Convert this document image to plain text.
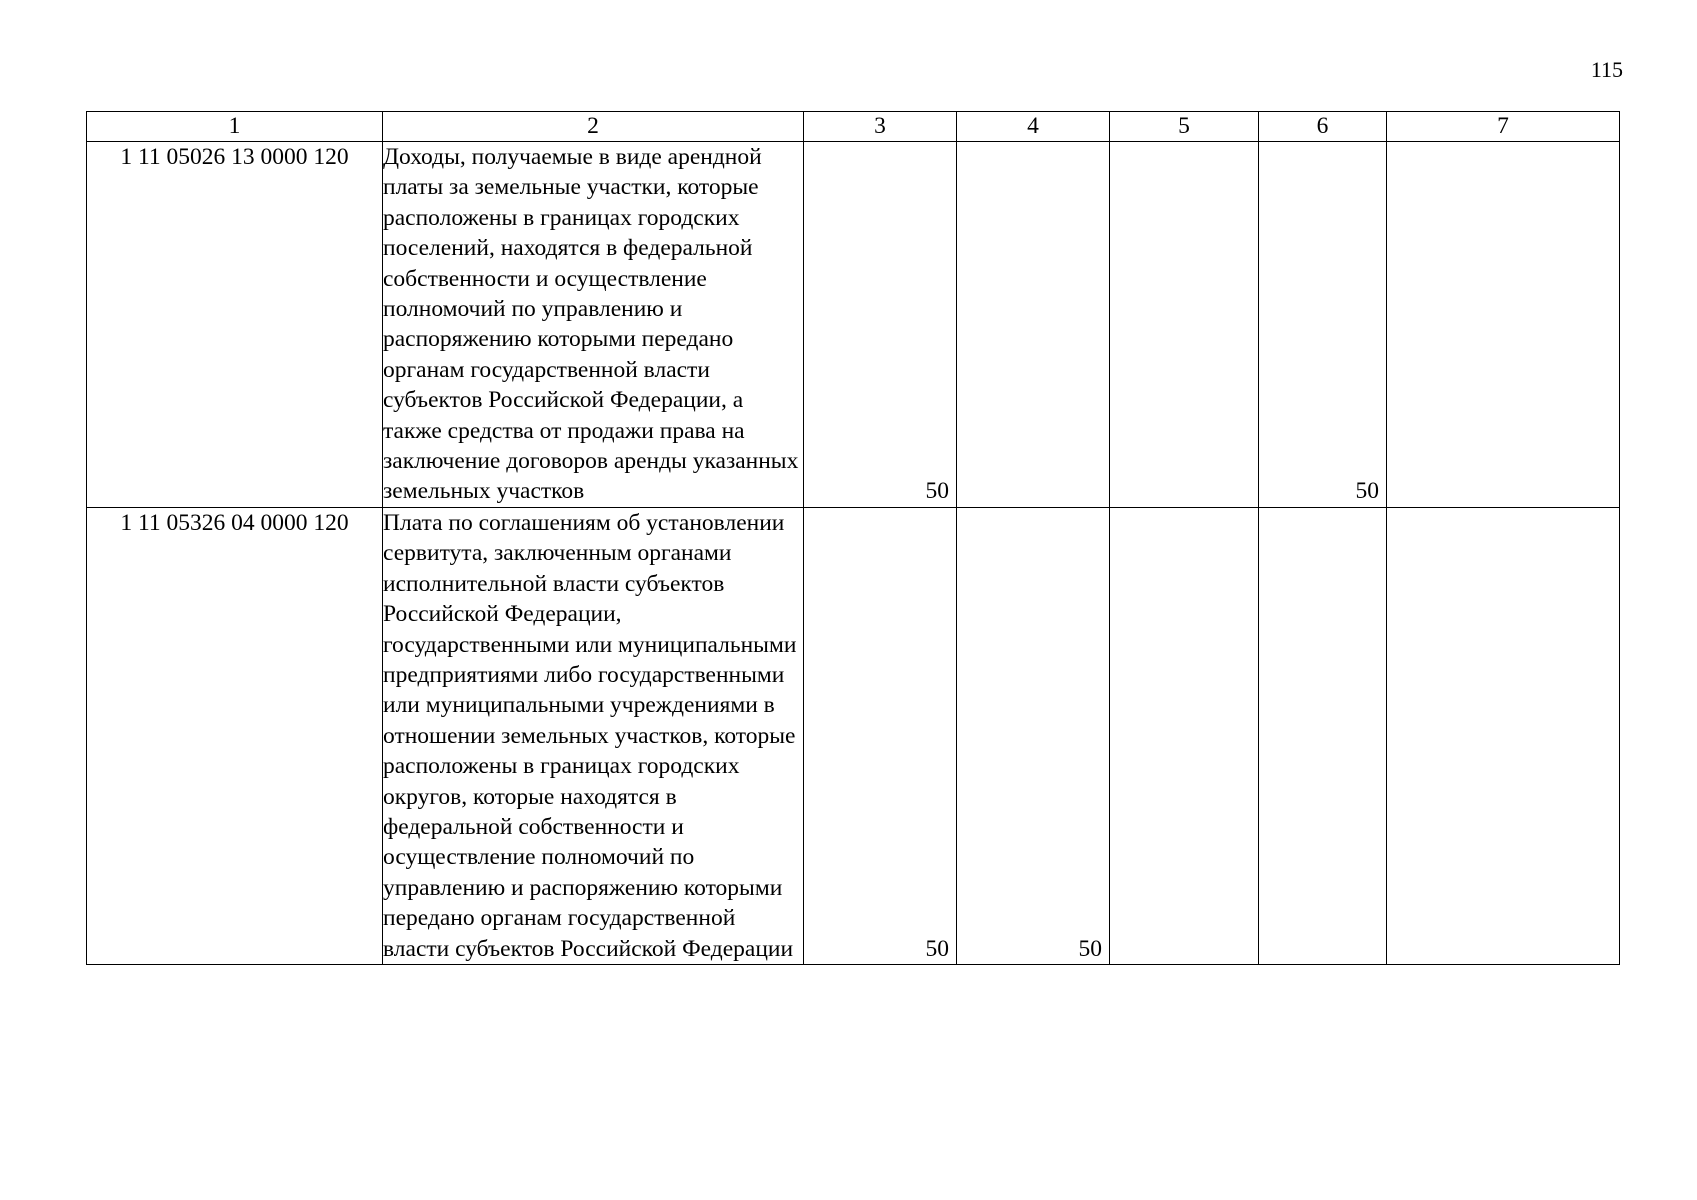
115
1	2	3	4	5	6	7
1 11 05026 13 0000 120	Доходы, получаемые в виде арендной платы за земельные участки, которые расположены в границах городских поселений, находятся в федеральной собственности и осуществление полномочий по управлению и распоряжению которыми передано органам государственной власти субъектов Российской Федерации, а также средства от продажи права на заключение договоров аренды указанных земельных участков	50			50	
1 11 05326 04 0000 120	Плата по соглашениям об установлении сервитута, заключенным органами исполнительной власти субъектов Российской Федерации, государственными или муниципальными предприятиями либо государственными или муниципальными учреждениями в отношении земельных участков, которые расположены в границах городских округов, которые находятся в федеральной собственности и осуществление полномочий по управлению и распоряжению которыми передано органам государственной власти субъектов Российской Федерации	50	50			
